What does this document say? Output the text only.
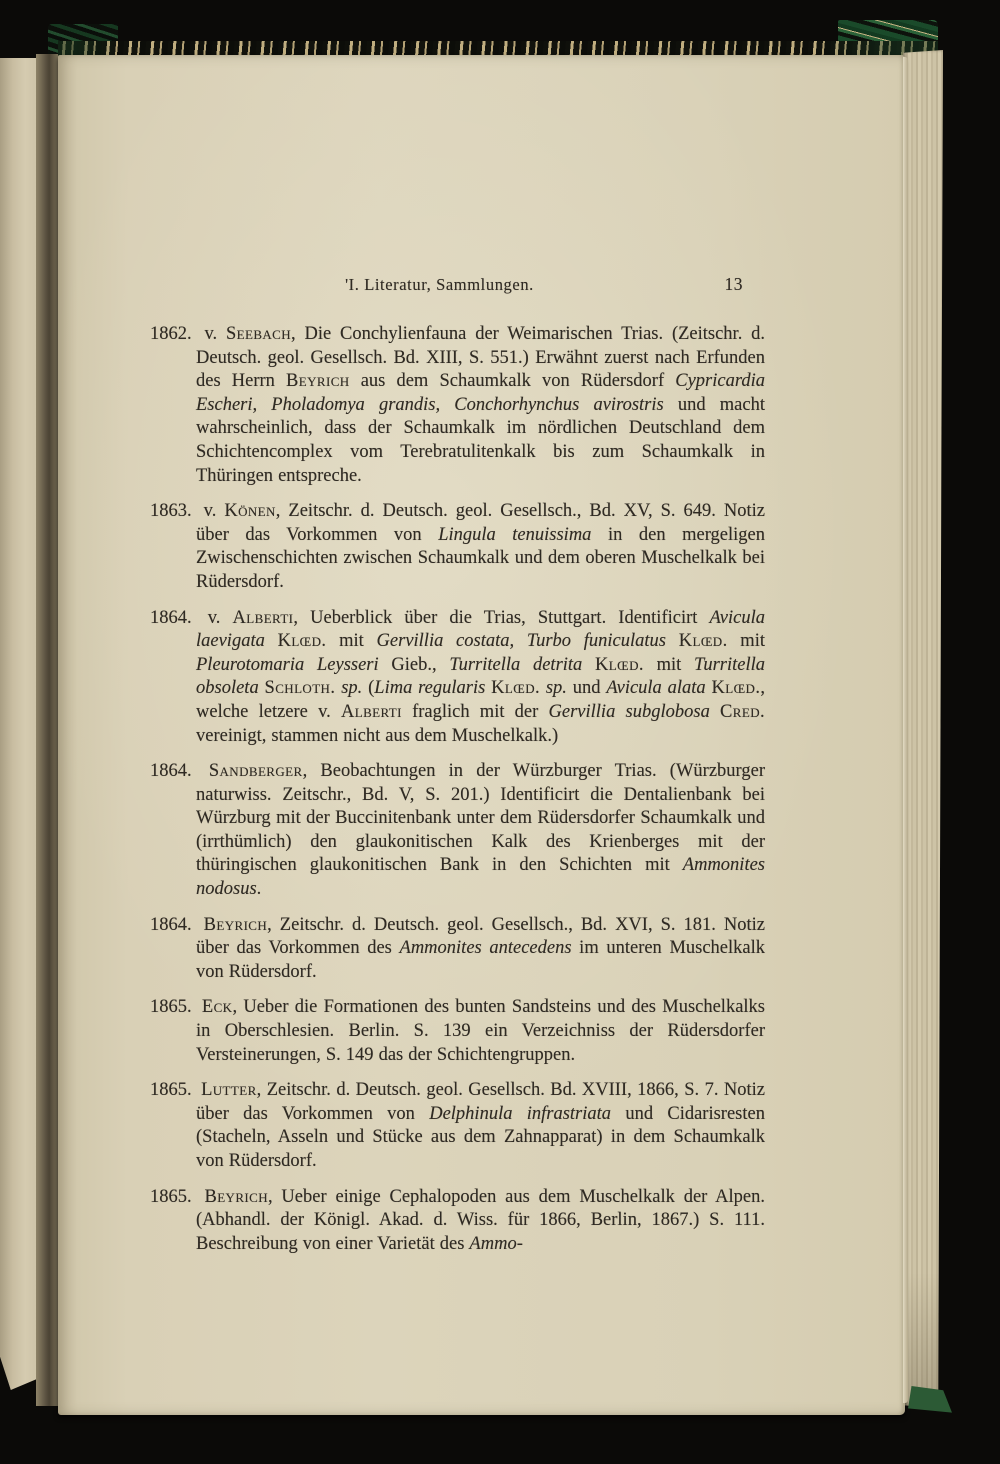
'I. Literatur, Sammlungen.	13
1862. v. Seebach, Die Conchylienfauna der Weimarischen Trias. (Zeitschr. d. Deutsch. geol. Gesellsch. Bd. XIII, S. 551.) Erwähnt zuerst nach Erfunden des Herrn Beyrich aus dem Schaumkalk von Rüdersdorf Cypricardia Escheri, Pholadomya grandis, Conchorhynchus avirostris und macht wahrscheinlich, dass der Schaumkalk im nördlichen Deutschland dem Schichtencomplex vom Terebratulitenkalk bis zum Schaumkalk in Thüringen entspreche.
1863. v. Könen, Zeitschr. d. Deutsch. geol. Gesellsch., Bd. XV, S. 649. Notiz über das Vorkommen von Lingula tenuissima in den mergeligen Zwischenschichten zwischen Schaumkalk und dem oberen Muschelkalk bei Rüdersdorf.
1864. v. Alberti, Ueberblick über die Trias, Stuttgart. Identificirt Avicula laevigata Klœd. mit Gervillia costata, Turbo funiculatus Klœd. mit Pleurotomaria Leysseri Gieb., Turritella detrita Klœd. mit Turritella obsoleta Schloth. sp. (Lima regularis Klœd. sp. und Avicula alata Klœd., welche letzere v. Alberti fraglich mit der Gervillia subglobosa Cred. vereinigt, stammen nicht aus dem Muschelkalk.)
1864. Sandberger, Beobachtungen in der Würzburger Trias. (Würzburger naturwiss. Zeitschr., Bd. V, S. 201.) Identificirt die Dentalienbank bei Würzburg mit der Buccinitenbank unter dem Rüdersdorfer Schaumkalk und (irrthümlich) den glaukonitischen Kalk des Krienberges mit der thüringischen glaukonitischen Bank in den Schichten mit Ammonites nodosus.
1864. Beyrich, Zeitschr. d. Deutsch. geol. Gesellsch., Bd. XVI, S. 181. Notiz über das Vorkommen des Ammonites antecedens im unteren Muschelkalk von Rüdersdorf.
1865. Eck, Ueber die Formationen des bunten Sandsteins und des Muschelkalks in Oberschlesien. Berlin. S. 139 ein Verzeichniss der Rüdersdorfer Versteinerungen, S. 149 das der Schichtengruppen.
1865. Lutter, Zeitschr. d. Deutsch. geol. Gesellsch. Bd. XVIII, 1866, S. 7. Notiz über das Vorkommen von Delphinula infrastriata und Cidarisresten (Stacheln, Asseln und Stücke aus dem Zahnapparat) in dem Schaumkalk von Rüdersdorf.
1865. Beyrich, Ueber einige Cephalopoden aus dem Muschelkalk der Alpen. (Abhandl. der Königl. Akad. d. Wiss. für 1866, Berlin, 1867.) S. 111. Beschreibung von einer Varietät des Ammo-
